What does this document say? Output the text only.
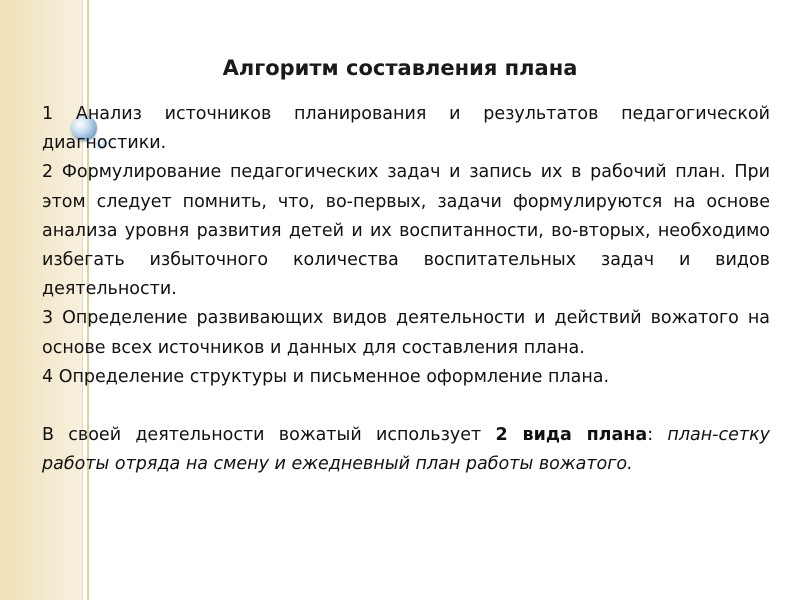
Алгоритм составления плана

1 Анализ источников планирования и результатов педагогической диагностики.

2 Формулирование педагогических задач и запись их в рабочий план. При этом следует помнить, что, во-первых, задачи формулируются на основе анализа уровня развития детей и их воспитанности, во-вторых, необходимо избегать избыточного количества воспитательных задач и видов деятельности.

3 Определение развивающих видов деятельности и действий вожатого на основе всех источников и данных для составления плана.

4 Определение структуры и письменное оформление плана.

В своей деятельности вожатый использует 2 вида плана: план-сетку работы отряда на смену и ежедневный план работы вожатого.
